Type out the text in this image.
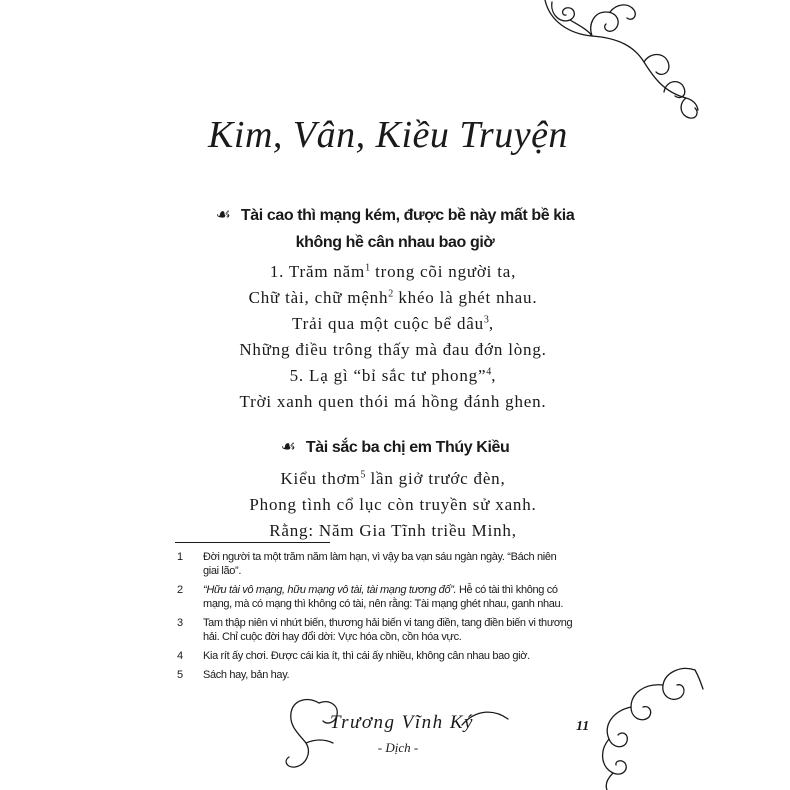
Kim, Vân, Kiều Truyện
☙Tài cao thì mạng kém, được bề này mất bề kia
không hề cân nhau bao giờ
1. Trăm năm$^1$ trong cõi người ta,
Chữ tài, chữ mệnh$^2$ khéo là ghét nhau.
Trải qua một cuộc bể dâu$^3$,
Những điều trông thấy mà đau đớn lòng.
5. Lạ gì “bỉ sắc tư phong”$^4$,
Trời xanh quen thói má hồng đánh ghen.
☙Tài sắc ba chị em Thúy Kiều
Kiểu thơm$^5$ lần giở trước đèn,
Phong tình cổ lục còn truyền sử xanh.
Rằng: Năm Gia Tĩnh triều Minh,
1	Đời người ta một trăm năm làm hạn, vì vậy ba vạn sáu ngàn ngày. “Bách niên
giai lão”.
2	“Hữu tài vô mạng, hữu mạng vô tài, tài mạng tương đố”. Hễ có tài thì không có
mạng, mà có mạng thì không có tài, nên rằng: Tài mạng ghét nhau, ganh nhau.
3	Tam thập niên vi nhứt biến, thương hải biến vi tang điền, tang điền biến vi thương
hải. Chỉ cuộc đời hay đổi dời: Vực hóa cồn, cồn hóa vực.
4	Kia rít ấy chơi. Được cái kia ít, thì cái ấy nhiều, không cân nhau bao giờ.
5	Sách hay, bản hay.
Trương Vĩnh Ký
- Dịch -
11
